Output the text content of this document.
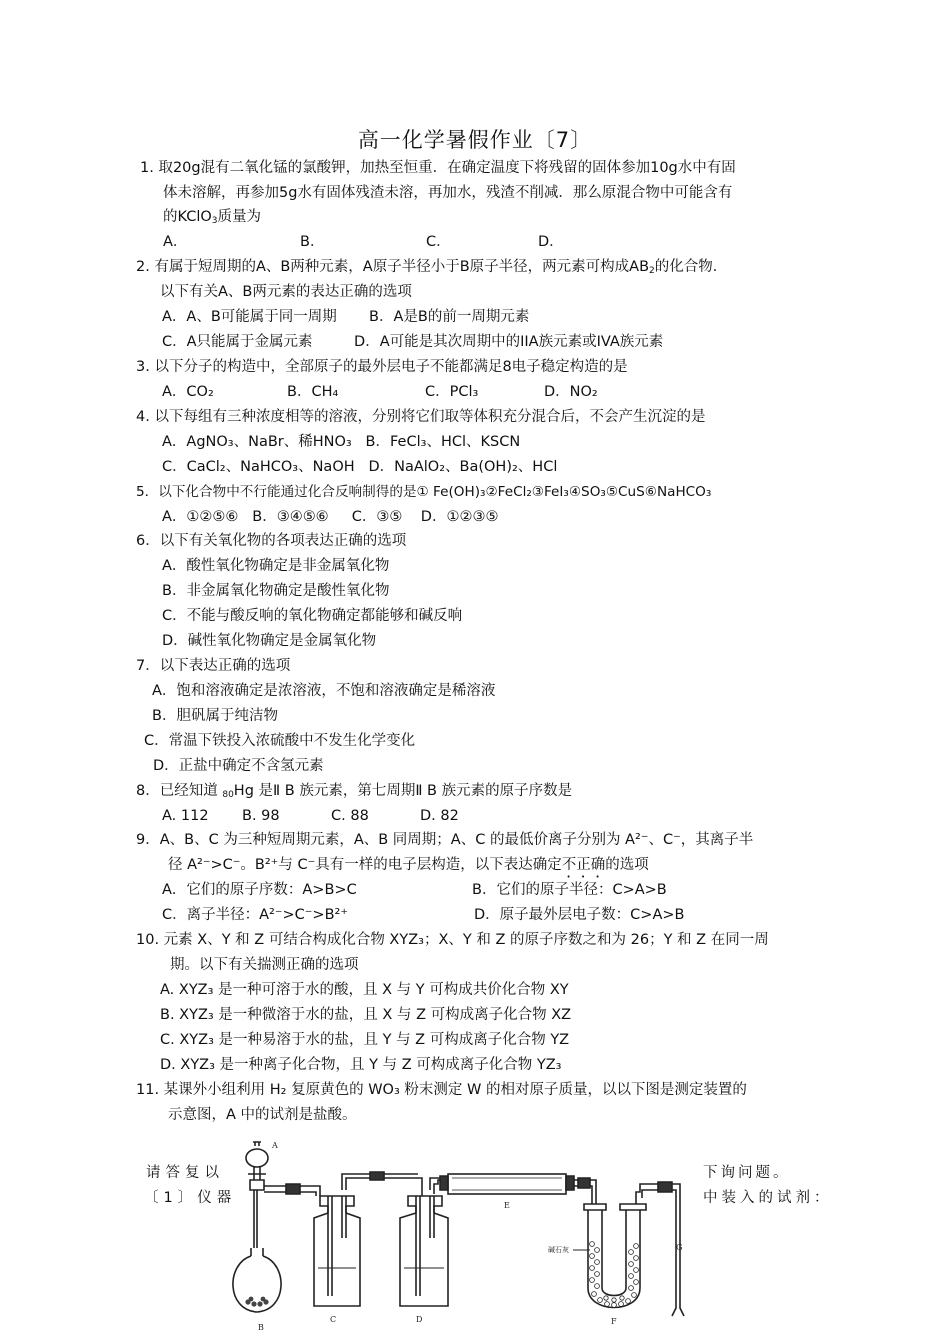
高一化学暑假作业〔7〕
1. 取20g混有二氧化锰的氯酸钾，加热至恒重．在确定温度下将残留的固体参加10g水中有固
体未溶解，再参加5g水有固体残渣未溶，再加水，残渣不削减．那么原混合物中可能含有
的KClO$_3$质量为
A．	B．	C．	D．
2. 有属于短周期的A、B两种元素，A原子半径小于B原子半径，两元素可构成$AB_2$的化合物．
以下有关A、B两元素的表达正确的选项
A．A、B可能属于同一周期       B．A是B的前一周期元素
C．A只能属于金属元素         D．A可能是其次周期中的IIA族元素或IVA族元素
3. 以下分子的构造中，全部原子的最外层电子不能都满足8电子稳定构造的是
A．CO₂	B．CH₄	C．PCl₃	D．NO₂
4. 以下每组有三种浓度相等的溶液，分别将它们取等体积充分混合后，不会产生沉淀的是
A．AgNO₃、NaBr、稀HNO₃   B．FeCl₃、HCl、KSCN
C．CaCl₂、NaHCO₃、NaOH   D．NaAlO₂、Ba(OH)₂、HCl
5．以下化合物中不行能通过化合反响制得的是① Fe(OH)₃②FeCl₂③FeI₃④SO₃⑤CuS⑥NaHCO₃
A．①②⑤⑥   B．③④⑤⑥     C．③⑤    D．①②③⑤
6．以下有关氧化物的各项表达正确的选项
A．酸性氧化物确定是非金属氧化物
B．非金属氧化物确定是酸性氧化物
C．不能与酸反响的氧化物确定都能够和碱反响
D．碱性氧化物确定是金属氧化物
7．以下表达正确的选项
A．饱和溶液确定是浓溶液，不饱和溶液确定是稀溶液
B．胆矾属于纯洁物
C．常温下铁投入浓硫酸中不发生化学变化
D．正盐中确定不含氢元素
8．已经知道 $_{80}$Hg 是Ⅱ B 族元素，第七周期Ⅱ B 族元素的原子序数是
A. 112 B. 98	C. 88	D. 82
9．A、B、C 为三种短周期元素，A、B 同周期；A、C 的最低价离子分别为 A²⁻、C⁻，其离子半
径 A²⁻>C⁻。B²⁺与 C⁻具有一样的电子层构造，以下表达确定不正确的选项
A．它们的原子序数：A>B>C	B．它们的原子半径：C>A>B
C．离子半径：A²⁻>C⁻>B²⁺	D．原子最外层电子数：C>A>B
10. 元素 X、Y 和 Z 可结合构成化合物 XYZ₃；X、Y 和 Z 的原子序数之和为 26；Y 和 Z 在同一周
期。以下有关揣测正确的选项
A. XYZ₃ 是一种可溶于水的酸，且 X 与 Y 可构成共价化合物 XY
B. XYZ₃ 是一种微溶于水的盐，且 X 与 Z 可构成离子化合物 XZ
C. XYZ₃ 是一种易溶于水的盐，且 Y 与 Z 可构成离子化合物 YZ
D. XYZ₃ 是一种离子化合物，且 Y 与 Z 可构成离子化合物 YZ₃
11. 某课外小组利用 H₂ 复原黄色的 WO₃ 粉末测定 W 的相对原子质量，以以下图是测定装置的
示意图，A 中的试剂是盐酸。
请答复以
〔1〕仪器
下询问题。
中装入的试剂：
A
B
C	D
E
F
G
碱石灰
